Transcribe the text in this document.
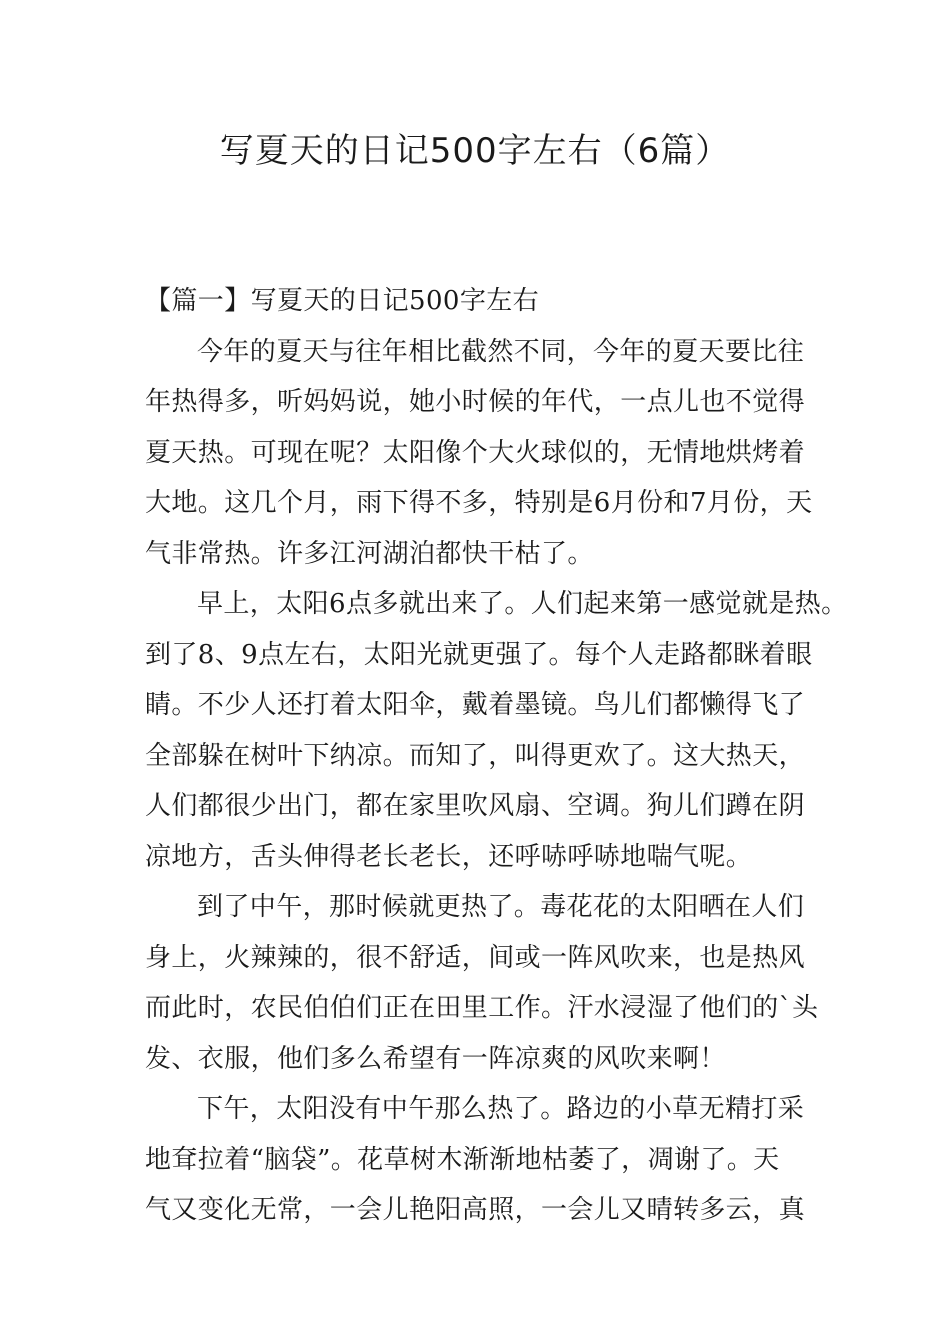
写夏天的日记500字左右（6篇）
【篇一】写夏天的日记500字左右
今年的夏天与往年相比截然不同，今年的夏天要比往
年热得多，听妈妈说，她小时候的年代，一点儿也不觉得
夏天热。可现在呢？太阳像个大火球似的，无情地烘烤着
大地。这几个月，雨下得不多，特别是6月份和7月份，天
气非常热。许多江河湖泊都快干枯了。
早上，太阳6点多就出来了。人们起来第一感觉就是热。
到了8、9点左右，太阳光就更强了。每个人走路都眯着眼
睛。不少人还打着太阳伞，戴着墨镜。鸟儿们都懒得飞了
全部躲在树叶下纳凉。而知了，叫得更欢了。这大热天，
人们都很少出门，都在家里吹风扇、空调。狗儿们蹲在阴
凉地方，舌头伸得老长老长，还呼哧呼哧地喘气呢。
到了中午，那时候就更热了。毒花花的太阳晒在人们
身上，火辣辣的，很不舒适，间或一阵风吹来，也是热风
而此时，农民伯伯们正在田里工作。汗水浸湿了他们的`头
发、衣服，他们多么希望有一阵凉爽的风吹来啊！
下午，太阳没有中午那么热了。路边的小草无精打采
地耷拉着“脑袋”。花草树木渐渐地枯萎了，凋谢了。天
气又变化无常，一会儿艳阳高照，一会儿又晴转多云，真
